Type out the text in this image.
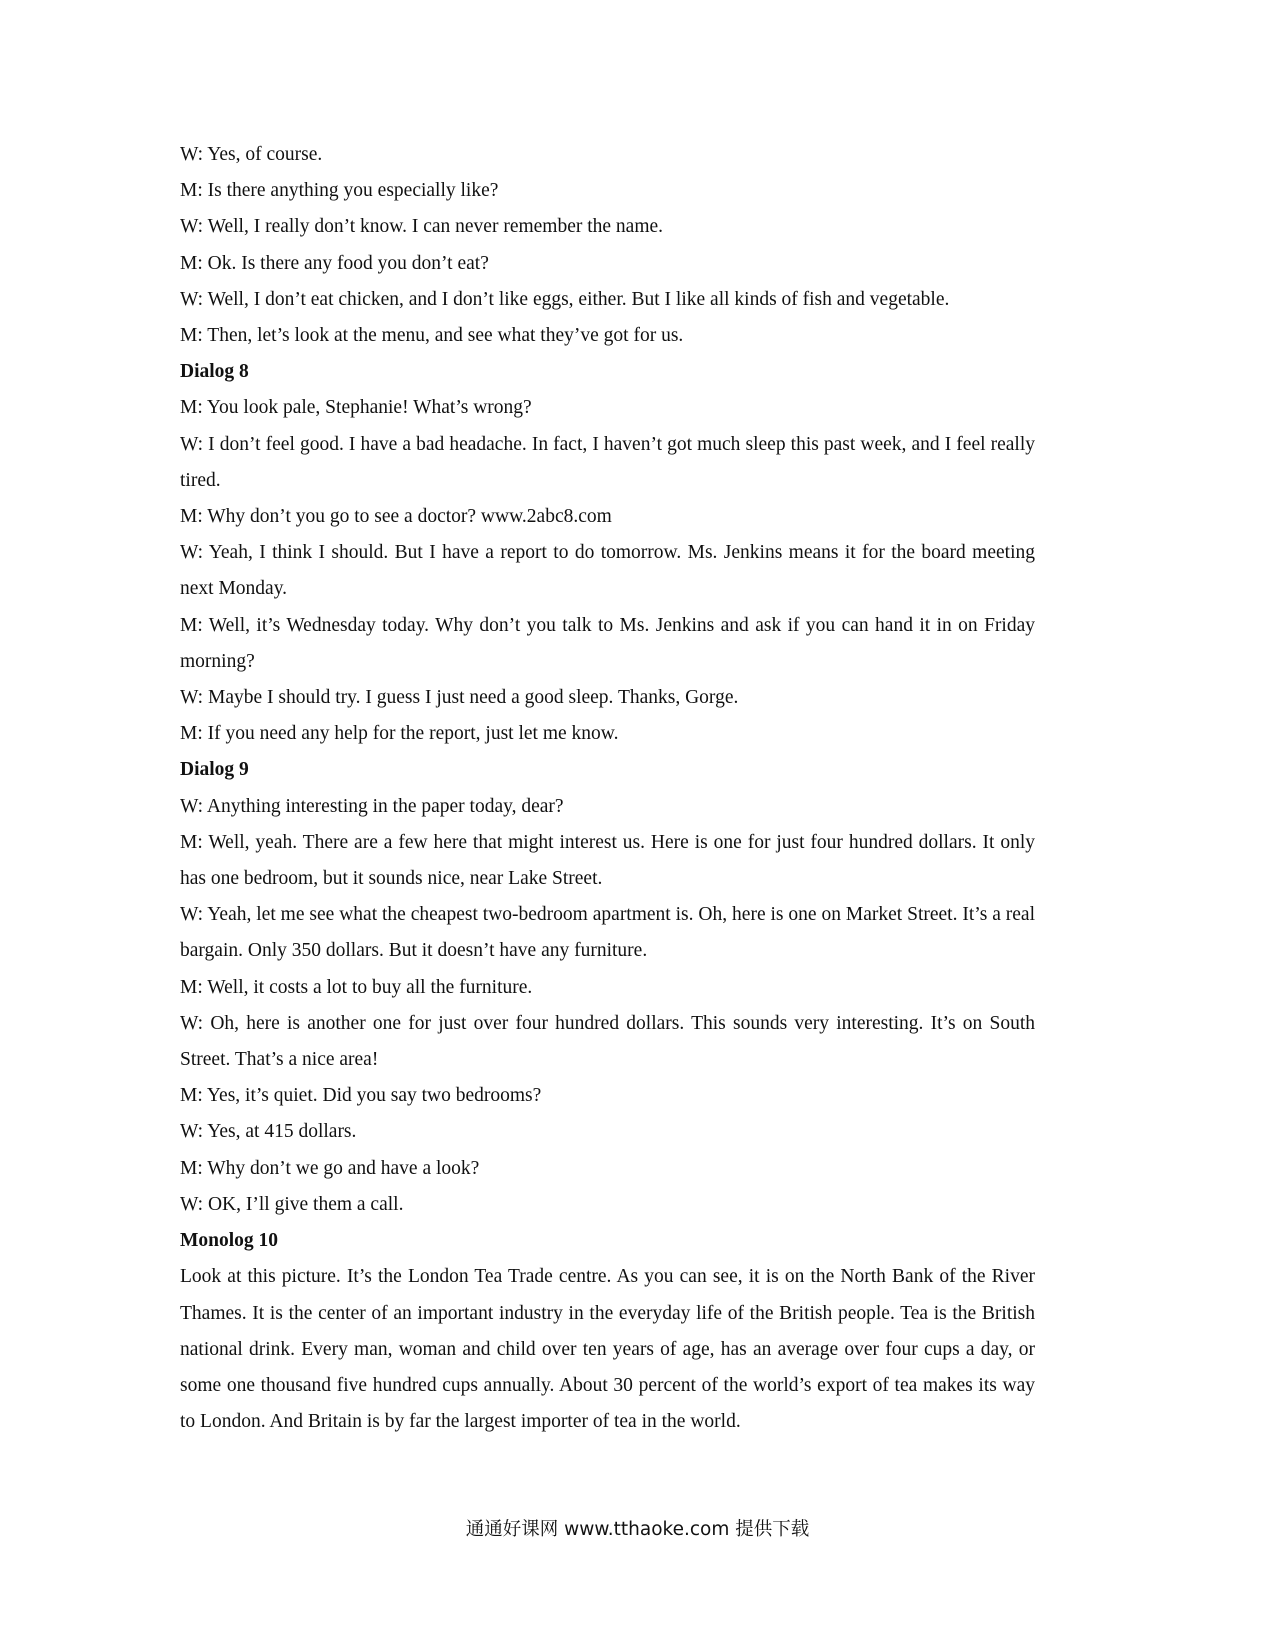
W: Yes, of course.

M: Is there anything you especially like?

W: Well, I really don’t know. I can never remember the name.

M: Ok. Is there any food you don’t eat?

W: Well, I don’t eat chicken, and I don’t like eggs, either. But I like all kinds of fish and vegetable.

M: Then, let’s look at the menu, and see what they’ve got for us.

Dialog 8

M: You look pale, Stephanie! What’s wrong?

W: I don’t feel good. I have a bad headache. In fact, I haven’t got much sleep this past week, and I feel really tired.

M: Why don’t you go to see a doctor? www.2abc8.com

W: Yeah, I think I should. But I have a report to do tomorrow. Ms. Jenkins means it for the board meeting next Monday.

M: Well, it’s Wednesday today. Why don’t you talk to Ms. Jenkins and ask if you can hand it in on Friday morning?

W: Maybe I should try. I guess I just need a good sleep. Thanks, Gorge.

M: If you need any help for the report, just let me know.

Dialog 9

W: Anything interesting in the paper today, dear?

M: Well, yeah. There are a few here that might interest us. Here is one for just four hundred dollars. It only has one bedroom, but it sounds nice, near Lake Street.

W: Yeah, let me see what the cheapest two-bedroom apartment is. Oh, here is one on Market Street. It’s a real bargain. Only 350 dollars. But it doesn’t have any furniture.

M: Well, it costs a lot to buy all the furniture.

W: Oh, here is another one for just over four hundred dollars. This sounds very interesting. It’s on South Street. That’s a nice area!

M: Yes, it’s quiet. Did you say two bedrooms?

W: Yes, at 415 dollars.

M: Why don’t we go and have a look?

W: OK, I’ll give them a call.

Monolog 10

Look at this picture. It’s the London Tea Trade centre. As you can see, it is on the North Bank of the River Thames. It is the center of an important industry in the everyday life of the British people. Tea is the British national drink. Every man, woman and child over ten years of age, has an average over four cups a day, or some one thousand five hundred cups annually. About 30 percent of the world’s export of tea makes its way to London. And Britain is by far the largest importer of tea in the world.

通通好课网 www.tthaoke.com 提供下载
